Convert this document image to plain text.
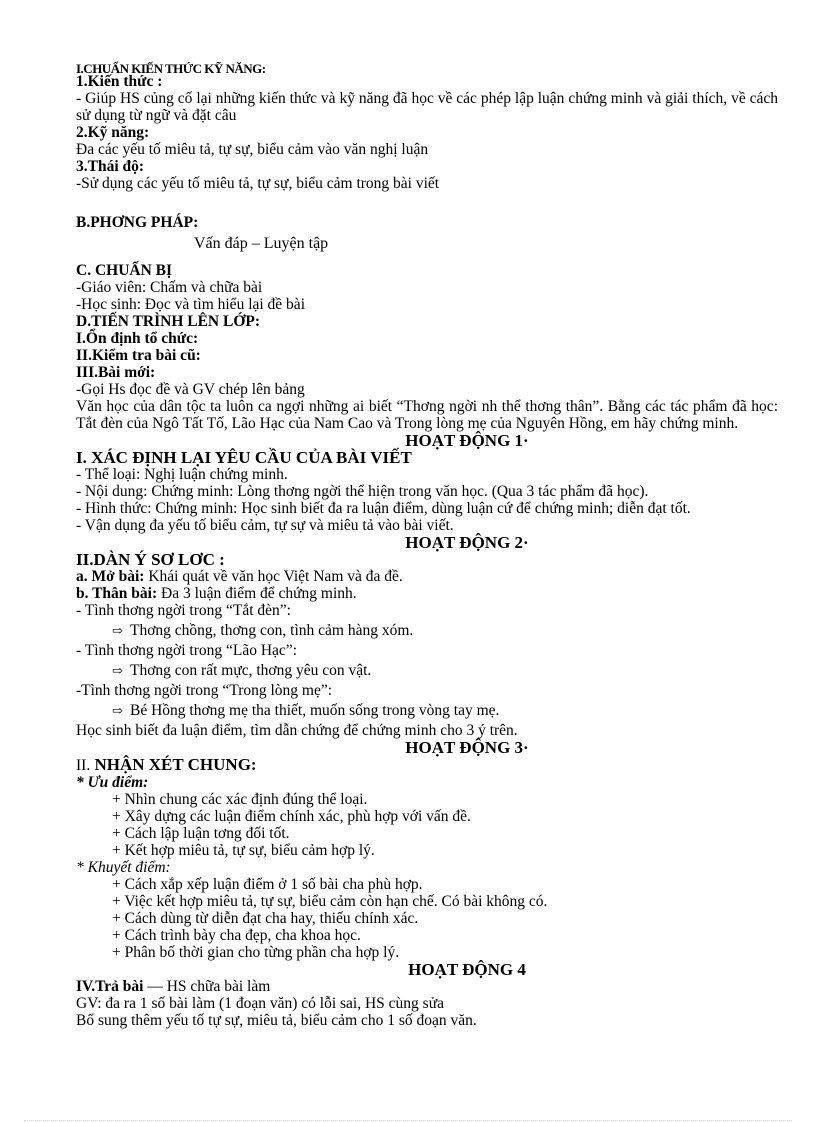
I.CHUẨN KIẾN THỨC KỸ NĂNG:
1.Kiến thức :
- Giúp HS củng cố lại những kiến thức và kỹ năng đã học về các phép lập luận chứng minh và giải thích, về cách sử dụng từ ngữ và đặt câu
2.Kỹ năng:
Đa các yếu tố miêu tả, tự sự, biểu cảm vào văn nghị luận
3.Thái độ:
-Sử dụng các yếu tố miêu tả, tự sự, biểu cảm trong bài viết
B.PHƠNG PHÁP:
Vấn đáp – Luyện tập
C. CHUẨN BỊ
-Giáo viên: Chấm và chữa bài
-Học sinh: Đọc và tìm hiểu lại đề bài
D.TIẾN TRÌNH LÊN LỚP:
I.Ổn định tổ chức:
II.Kiểm tra bài cũ:
III.Bài mới:
-Gọi Hs đọc đề và GV chép lên bảng
Văn học của dân tộc ta luôn ca ngợi những ai biết “Thơng ngời nh thể thơng thân”. Bằng các tác phẩm đã học: Tắt đèn của Ngô Tất Tố, Lão Hạc của Nam Cao và Trong lòng mẹ của Nguyên Hồng, em hãy chứng minh.
HOẠT ĐỘNG 1·
I. XÁC ĐỊNH LẠI YÊU CẦU CỦA BÀI VIẾT
- Thể loại: Nghị luận chứng minh.
- Nội dung: Chứng minh: Lòng thơng ngời thể hiện trong văn học. (Qua 3 tác phẩm đã học).
- Hình thức: Chứng minh: Học sinh biết đa ra luận điểm, dùng luận cứ để chứng minh; diễn đạt tốt.
- Vận dụng đa yếu tố biểu cảm, tự sự và miêu tả vào bài viết.
HOẠT ĐỘNG 2·
II.DÀN Ý SƠ LƠC :
a. Mở bài: Khái quát về văn học Việt Nam và đa đề.
b. Thân bài: Đa 3 luận điểm để chứng minh.
- Tình thơng ngời trong “Tắt đèn”:
⇨ Thơng chồng, thơng con, tình cảm hàng xóm.
- Tình thơng ngời trong “Lão Hạc”:
⇨ Thơng con rất mực, thơng yêu con vật.
-Tình thơng ngời trong “Trong lòng mẹ”:
⇨ Bé Hồng thơng mẹ tha thiết, muốn sống trong vòng tay mẹ.
Học sinh biết đa luận điểm, tìm dẫn chứng để chứng minh cho 3 ý trên.
HOẠT ĐỘNG 3·
II. NHẬN XÉT CHUNG:
* Ưu điểm:
+ Nhìn chung các xác định đúng thể loại.
+ Xây dựng các luận điểm chính xác, phù hợp với vấn đề.
+ Cách lập luận tơng đối tốt.
+ Kết hợp miêu tả, tự sự, biểu cảm hợp lý.
* Khuyết điểm:
+ Cách xắp xếp luận điểm ở 1 số bài cha phù hợp.
+ Việc kết hợp miêu tả, tự sự, biểu cảm còn hạn chế. Có bài không có.
+ Cách dùng từ diễn đạt cha hay, thiếu chính xác.
+ Cách trình bày cha đẹp, cha khoa học.
+ Phân bố thời gian cho từng phần cha hợp lý.
HOẠT ĐỘNG 4
IV.Trả bài — HS chữa bài làm
GV: đa ra 1 số bài làm (1 đoạn văn) có lỗi sai, HS cùng sửa
Bổ sung thêm yếu tố tự sự, miêu tả, biểu cảm cho 1 số đoạn văn.
